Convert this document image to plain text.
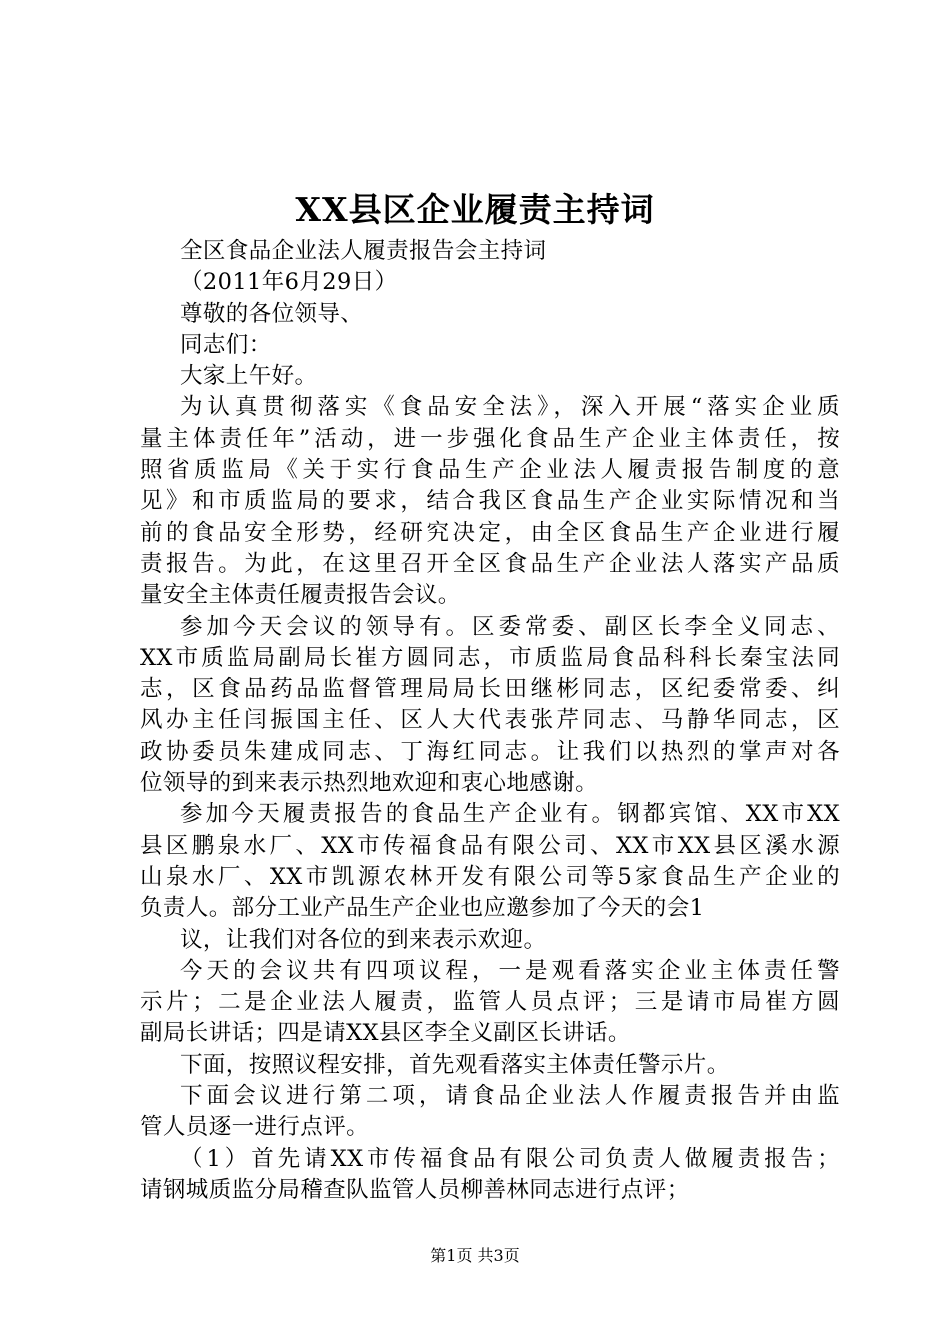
XX县区企业履责主持词

全区食品企业法人履责报告会主持词

（2011年6月29日）

尊敬的各位领导、

同志们：

大家上午好。

为认真贯彻落实《食品安全法》，深入开展“落实企业质

量主体责任年”活动，进一步强化食品生产企业主体责任，按

照省质监局《关于实行食品生产企业法人履责报告制度的意

见》和市质监局的要求，结合我区食品生产企业实际情况和当

前的食品安全形势，经研究决定，由全区食品生产企业进行履

责报告。为此，在这里召开全区食品生产企业法人落实产品质

量安全主体责任履责报告会议。

参加今天会议的领导有。区委常委、副区长李全义同志、

XX市质监局副局长崔方圆同志，市质监局食品科科长秦宝法同

志，区食品药品监督管理局局长田继彬同志，区纪委常委、纠

风办主任闫振国主任、区人大代表张芹同志、马静华同志，区

政协委员朱建成同志、丁海红同志。让我们以热烈的掌声对各

位领导的到来表示热烈地欢迎和衷心地感谢。

参加今天履责报告的食品生产企业有。钢都宾馆、XX市XX

县区鹏泉水厂、XX市传福食品有限公司、XX市XX县区溪水源

山泉水厂、XX市凯源农林开发有限公司等5家食品生产企业的

负责人。部分工业产品生产企业也应邀参加了今天的会1

议，让我们对各位的到来表示欢迎。

今天的会议共有四项议程，一是观看落实企业主体责任警

示片；二是企业法人履责，监管人员点评；三是请市局崔方圆

副局长讲话；四是请XX县区李全义副区长讲话。

下面，按照议程安排，首先观看落实主体责任警示片。

下面会议进行第二项，请食品企业法人作履责报告并由监

管人员逐一进行点评。

（1）首先请XX市传福食品有限公司负责人做履责报告；

请钢城质监分局稽查队监管人员柳善林同志进行点评；

第1页 共3页
